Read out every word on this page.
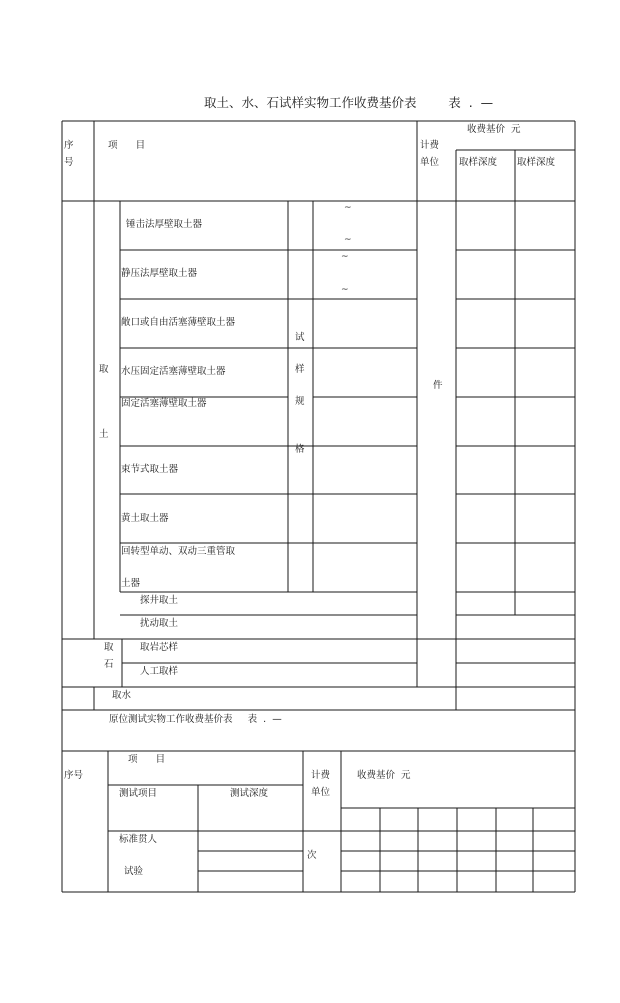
取土、水、石试样实物工作收费基价表        表  .  —
序
号
项      目	计费
单位
收费基价  元
取样深度 取样深度
取
土
取
石
试
样
规
格
件
~
~
~
~
锤击法厚壁取土器
静压法厚壁取土器
敞口或自由活塞薄壁取土器
水压固定活塞薄壁取土器
固定活塞薄壁取土器
束节式取土器
黄土取土器
回转型单动、双动三重管取
土器
探井取土
扰动取土
取岩芯样
人工取样
取水
原位测试实物工作收费基价表     表  .  —
序号
项      目
测试项目	测试深度
计费
单位
收费基价  元
标准贯人
试验
次
